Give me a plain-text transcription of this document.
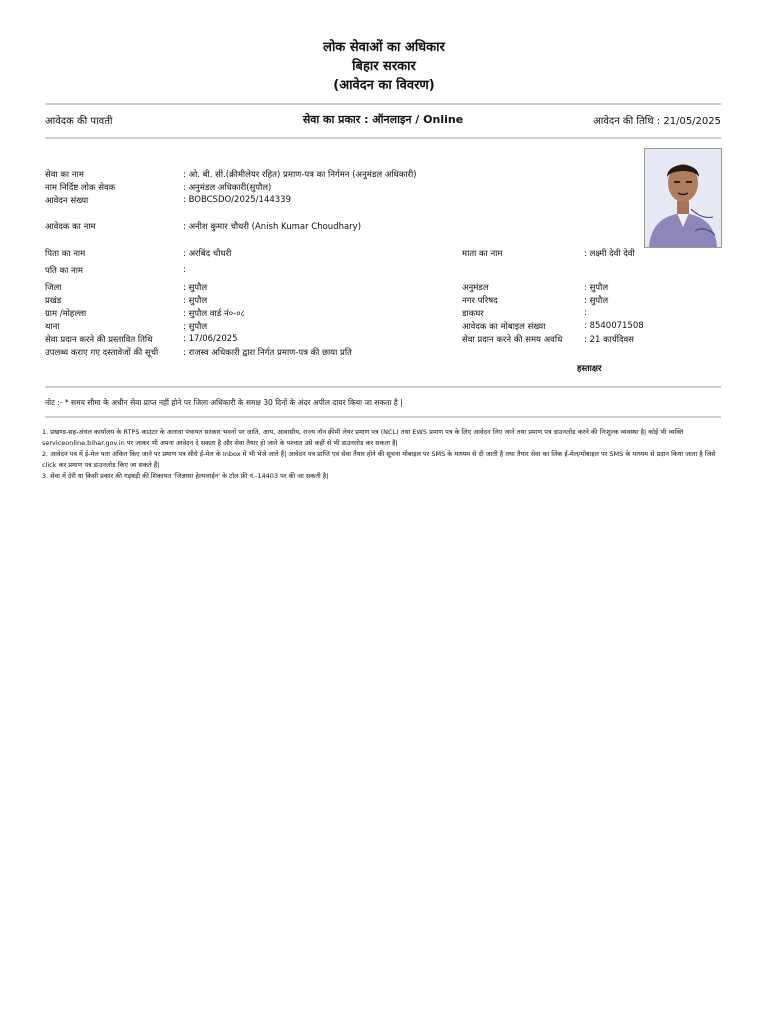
लोक सेवाओं का अधिकार
बिहार सरकार
(आवेदन का विवरण)
आवेदक की पावती	सेवा का प्रकार : ऑनलाइन / Online	आवेदन की तिथि : 21/05/2025
सेवा का नाम	: ओ. बी. सी.(क्रीमीलेयर रहित) प्रमाण-पत्र का निर्गमन (अनुमंडल अधिकारी)
नाम निर्दिष्ट लोक सेवक	: अनुमंडल अधिकारी(सुपौल)
आवेदन संख्या	: BOBCSDO/2025/144339
आवेदक का नाम	: अनीश कुमार चौधरी (Anish Kumar Choudhary)
पिता का नाम	: अरबिंद चौधरी	माता का नाम	: लक्ष्मी देवी देवी
पति का नाम	:
जिला	: सुपौल	अनुमंडल	: सुपौल
प्रखंड	: सुपौल	नगर परिषद	: सुपौल
ग्राम /मोहल्ला	: सुपौल वार्ड नं०-०८	डाकघर	:
थाना	: सुपौल	आवेदक का मोबाइल संख्या	: 8540071508
सेवा प्रदान करने की प्रस्तावित तिथि	: 17/06/2025	सेवा प्रदान करने की समय अवधि	: 21 कार्यदिवस
उपलब्ध कराए गए दस्तावेजों की सूची	: राजस्व अधिकारी द्वारा निर्गत प्रमाण-पत्र की छाया प्रति
हस्ताक्षर
नोट :- * समय सीमा के अधीन सेवा प्राप्त नहीं होने पर जिला अधिकारी के समक्ष 30 दिनों के अंदर अपील दायर किया जा सकता है |

1. प्रखण्ड-सह-अंचल कार्यालय के RTPS काउंटर के अलावा पंचायत सरकार भवनों पर जाति, आय, आवासीय, राज्य नॉन क्रीमी लेयर प्रमाण पत्र (NCL) तथा EWS प्रमाण पत्र के लिए आवेदन लिए जाने तथा प्रमाण पत्र डाउनलोड करने की निःशुल्क व्यवस्था है| कोई भी व्यक्ति serviceonline.bihar.gov.in पर जाकर भी अपना आवेदन दे सकता है और सेवा तैयार हो जाने के पश्चात उसे कहीं से भी डाउनलोड कर सकता है|

2. आवेदन पत्र में ई-मेल पता अंकित किए जाने पर प्रमाण पत्र सीधे ई-मेल के Inbox में भी भेजे जाते हैं| आवेदन पत्र प्राप्ति एवं सेवा तैयार होने की सूचना मोबाइल पर SMS के माध्यम से दी जाती है तथा तैयार सेवा का लिंक ई-मेल/मोबाइल पर SMS के माध्यम से प्रदान किया जाता है जिसे click कर प्रमाण पत्र डाउनलोड किए जा सकते हैं|

3. सेवा में देरी या किसी प्रकार की गड़बड़ी की शिकायत 'जिज्ञासा हेल्पलाईन' के टॉल फ्री नं.-14403 पर की जा सकती है|
